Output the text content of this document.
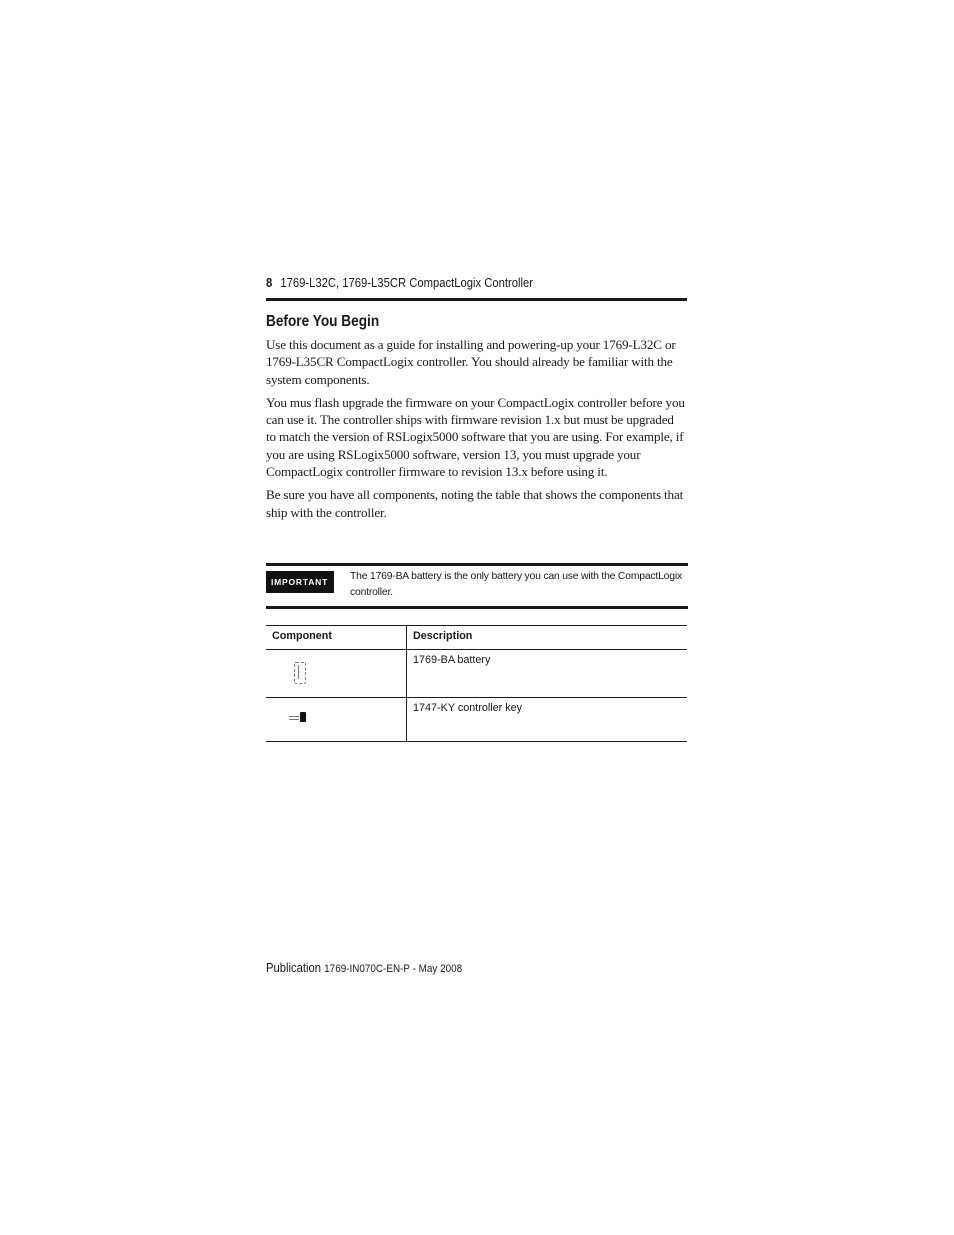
8 1769-L32C, 1769-L35CR CompactLogix Controller
Before You Begin

Use this document as a guide for installing and powering-up your 1769-L32C or 1769-L35CR CompactLogix controller. You should already be familiar with the system components.

You mus flash upgrade the firmware on your CompactLogix controller before you can use it. The controller ships with firmware revision 1.x but must be upgraded to match the version of RSLogix5000 software that you are using. For example, if you are using RSLogix5000 software, version 13, you must upgrade your CompactLogix controller firmware to revision 13.x before using it.

Be sure you have all components, noting the table that shows the components that ship with the controller.

IMPORTANT	The 1769-BA battery is the only battery you can use with the CompactLogix controller.
Component	Description

	1769-BA battery

	1747-KY controller key
Publication 1769-IN070C-EN-P - May 2008
